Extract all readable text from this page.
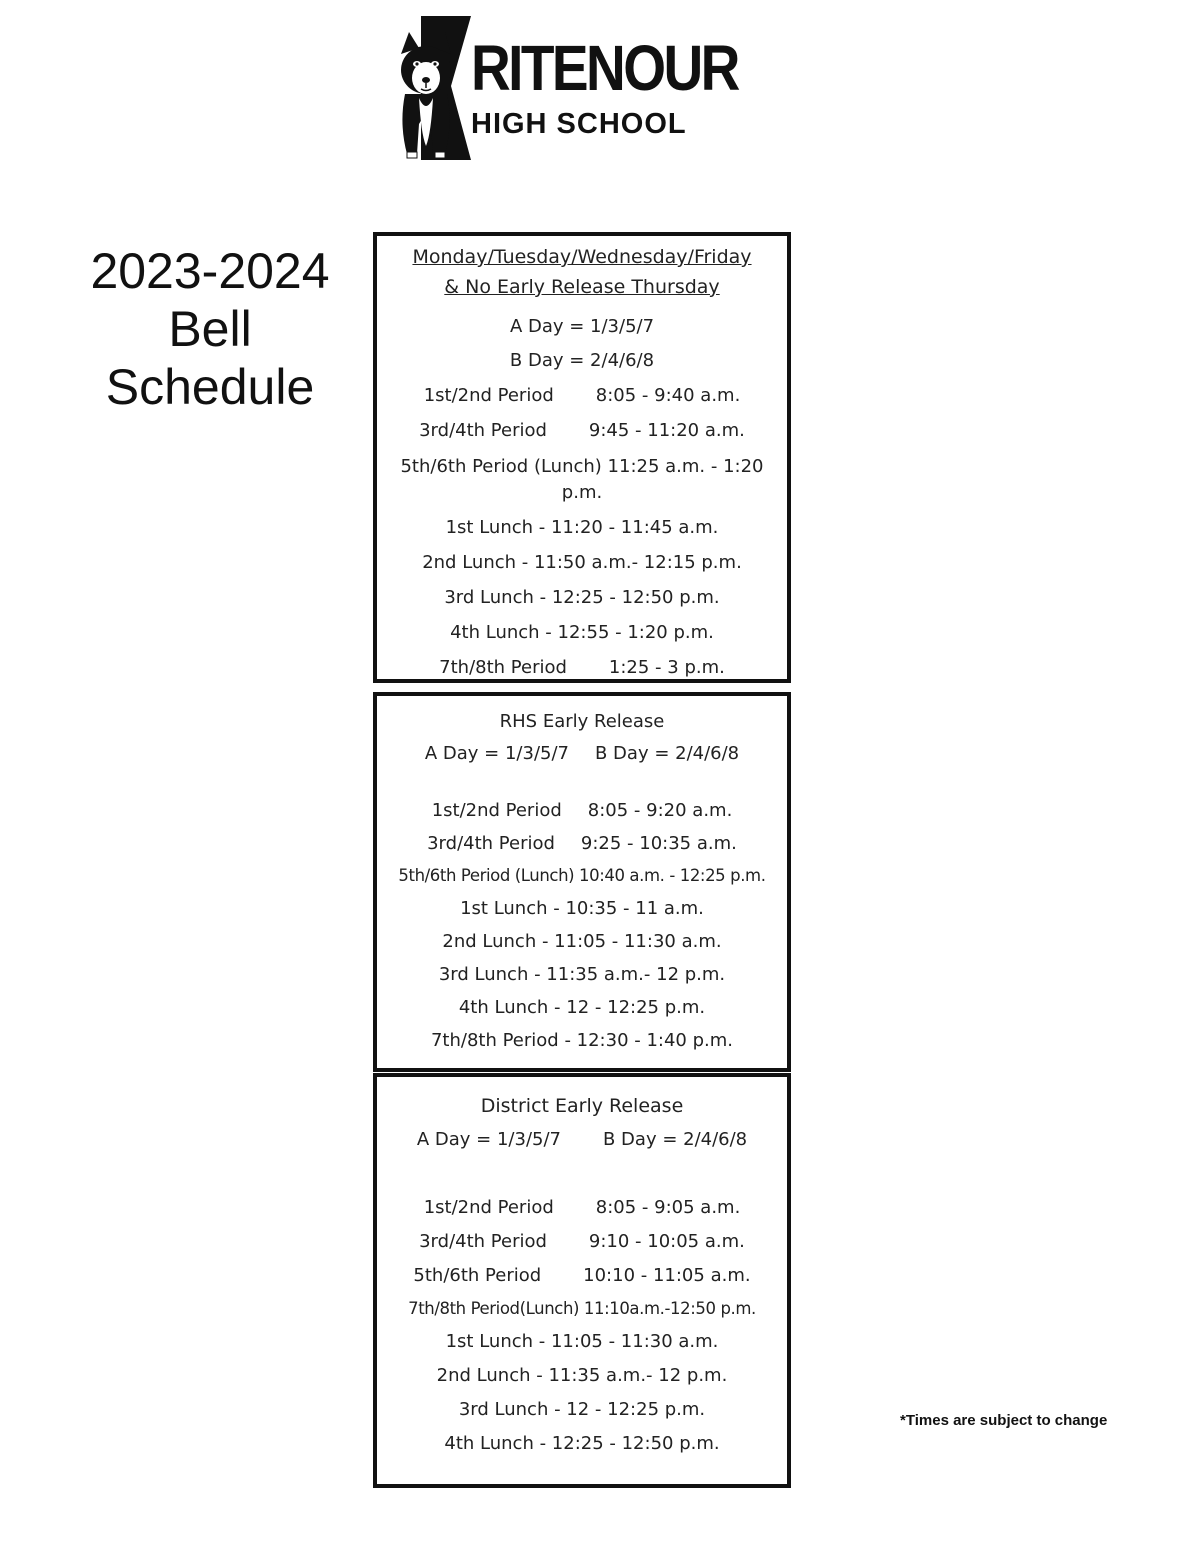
RITENOUR
HIGH SCHOOL
2023-2024
Bell
Schedule
Monday/Tuesday/Wednesday/Friday
& No Early Release Thursday
A Day = 1/3/5/7
B Day = 2/4/6/8
1st/2nd Period 8:05 - 9:40 a.m.
3rd/4th Period 9:45 - 11:20 a.m.
5th/6th Period (Lunch) 11:25 a.m. - 1:20 p.m.
1st Lunch - 11:20 - 11:45 a.m.
2nd Lunch - 11:50 a.m.- 12:15 p.m.
3rd Lunch - 12:25 - 12:50 p.m.
4th Lunch - 12:55 - 1:20 p.m.
7th/8th Period 1:25 - 3 p.m.
RHS Early Release
A Day = 1/3/5/7 B Day = 2/4/6/8
1st/2nd Period 8:05 - 9:20 a.m.
3rd/4th Period 9:25 - 10:35 a.m.
5th/6th Period (Lunch) 10:40 a.m. - 12:25 p.m.
1st Lunch - 10:35 - 11 a.m.
2nd Lunch - 11:05 - 11:30 a.m.
3rd Lunch - 11:35 a.m.- 12 p.m.
4th Lunch - 12 - 12:25 p.m.
7th/8th Period - 12:30 - 1:40 p.m.
District Early Release
A Day = 1/3/5/7 B Day = 2/4/6/8
1st/2nd Period 8:05 - 9:05 a.m.
3rd/4th Period 9:10 - 10:05 a.m.
5th/6th Period 10:10 - 11:05 a.m.
7th/8th Period(Lunch) 11:10a.m.-12:50 p.m.
1st Lunch - 11:05 - 11:30 a.m.
2nd Lunch - 11:35 a.m.- 12 p.m.
3rd Lunch - 12 - 12:25 p.m.
4th Lunch - 12:25 - 12:50 p.m.
*Times are subject to change
